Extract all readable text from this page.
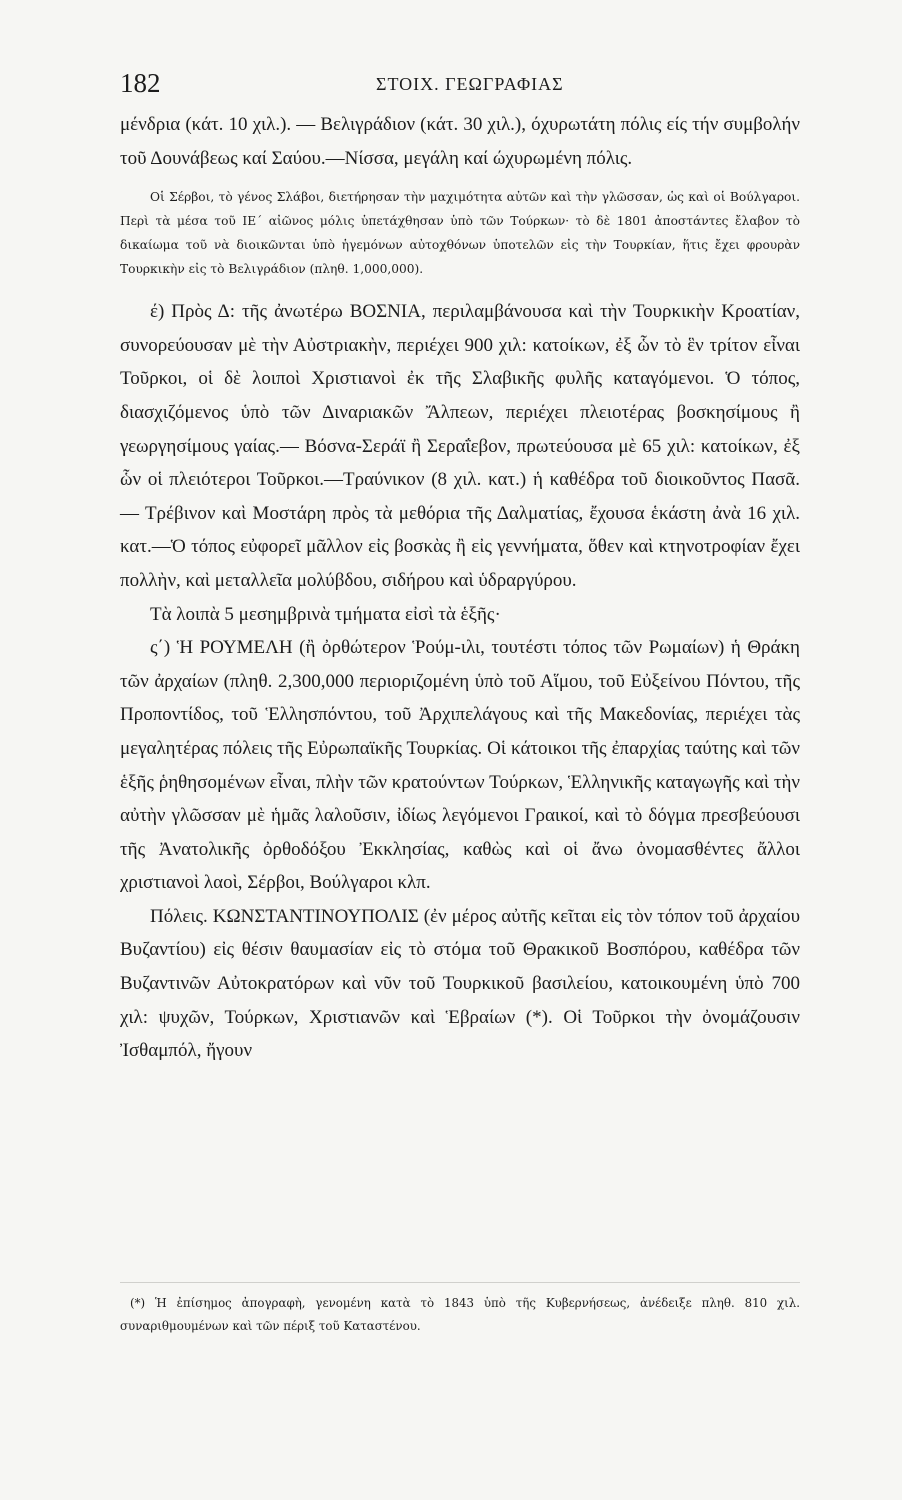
182	ΣΤΟΙΧ. ΓΕΩΓΡΑΦΙΑΣ

μένδρια (κάτ. 10 χιλ.). — Βελιγράδιον (κάτ. 30 χιλ.), όχυρωτάτη πόλις είς τήν συμβολήν τοῦ Δουνάβεως καί Σαύου.—Νίσσα, μεγάλη καί ώχυρωμένη πόλις.

Οἱ Σέρβοι, τὸ γένος Σλάβοι, διετήρησαν τὴν μαχιμότητα αὐτῶν καὶ τὴν γλῶσσαν, ὡς καὶ οἱ Βούλγαροι. Περὶ τὰ μέσα τοῦ ΙΕ΄ αἰῶνος μόλις ὑπετάχθησαν ὑπὸ τῶν Τούρκων· τὸ δὲ 1801 ἀποστάντες ἔλαβον τὸ δικαίωμα τοῦ νὰ διοικῶνται ὑπὸ ἡγεμόνων αὐτοχθόνων ὑποτελῶν εἰς τὴν Τουρκίαν, ἥτις ἔχει φρουρὰν Τουρκικὴν εἰς τὸ Βελιγράδιον (πληθ. 1,000,000).

έ) Πρὸς Δ: τῆς ἀνωτέρω ΒΟΣΝΙΑ, περιλαμβάνουσα καὶ τὴν Τουρκικὴν Κροατίαν, συνορεύουσαν μὲ τὴν Αὐστριακὴν, περιέχει 900 χιλ: κατοίκων, ἐξ ὧν τὸ ἓν τρίτον εἶναι Τοῦρκοι, οἱ δὲ λοιποὶ Χριστιανοὶ ἐκ τῆς Σλαβικῆς φυλῆς καταγόμενοι. Ὁ τόπος, διασχιζόμενος ὑπὸ τῶν Διναριακῶν Ἄλπεων, περιέχει πλειοτέρας βοσκησίμους ἢ γεωργησίμους γαίας.— Βόσνα-Σεράϊ ἢ Σεραΐεβον, πρωτεύουσα μὲ 65 χιλ: κατοίκων, ἐξ ὧν οἱ πλειότεροι Τοῦρκοι.—Τραύνικον (8 χιλ. κατ.) ἡ καθέδρα τοῦ διοικοῦντος Πασᾶ. — Τρέβινον καὶ Μοστάρη πρὸς τὰ μεθόρια τῆς Δαλματίας, ἔχουσα ἑκάστη ἀνὰ 16 χιλ. κατ.—Ὁ τόπος εὐφορεῖ μᾶλλον εἰς βοσκὰς ἢ εἰς γεννήματα, ὅθεν καὶ κτηνοτροφίαν ἔχει πολλὴν, καὶ μεταλλεῖα μολύβδου, σιδήρου καὶ ὑδραργύρου.

Τὰ λοιπὰ 5 μεσημβρινὰ τμήματα εἰσὶ τὰ ἑξῆς·

ς΄) Ἡ ΡΟΥΜΕΛΗ (ἢ ὀρθώτερον Ῥούμ-ιλι, τουτέστι τόπος τῶν Ρωμαίων) ἡ Θράκη τῶν ἀρχαίων (πληθ. 2,300,000 περιοριζομένη ὑπὸ τοῦ Αἵμου, τοῦ Εὐξείνου Πόντου, τῆς Προποντίδος, τοῦ Ἑλλησπόντου, τοῦ Ἀρχιπελάγους καὶ τῆς Μακεδονίας, περιέχει τὰς μεγαλητέρας πόλεις τῆς Εὐρωπαϊκῆς Τουρκίας. Οἱ κάτοικοι τῆς ἐπαρχίας ταύτης καὶ τῶν ἑξῆς ῥηθησομένων εἶναι, πλὴν τῶν κρατούντων Τούρκων, Ἑλληνικῆς καταγωγῆς καὶ τὴν αὐτὴν γλῶσσαν μὲ ἡμᾶς λαλοῦσιν, ἰδίως λεγόμενοι Γραικοί, καὶ τὸ δόγμα πρεσβεύουσι τῆς Ἀνατολικῆς ὀρθοδόξου Ἐκκλησίας, καθὼς καὶ οἱ ἄνω ὀνομασθέντες ἄλλοι χριστιανοὶ λαοὶ, Σέρβοι, Βούλγαροι κλπ.

Πόλεις. ΚΩΝΣΤΑΝΤΙΝΟΥΠΟΛΙΣ (ἐν μέρος αὐτῆς κεῖται εἰς τὸν τόπον τοῦ ἀρχαίου Βυζαντίου) εἰς θέσιν θαυμασίαν εἰς τὸ στόμα τοῦ Θρακικοῦ Βοσπόρου, καθέδρα τῶν Βυζαντινῶν Αὐτοκρατόρων καὶ νῦν τοῦ Τουρκικοῦ βασιλείου, κατοικουμένη ὑπὸ 700 χιλ: ψυχῶν, Τούρκων, Χριστιανῶν καὶ Ἑβραίων (*). Οἱ Τοῦρκοι τὴν ὀνομάζουσιν Ἰσθαμπόλ, ἤγουν

(*) Ἡ ἐπίσημος ἀπογραφὴ, γενομένη κατὰ τὸ 1843 ὑπὸ τῆς Κυβερνήσεως, ἀνέδειξε πληθ. 810 χιλ. συναριθμουμένων καὶ τῶν πέριξ τοῦ Καταστένου.
